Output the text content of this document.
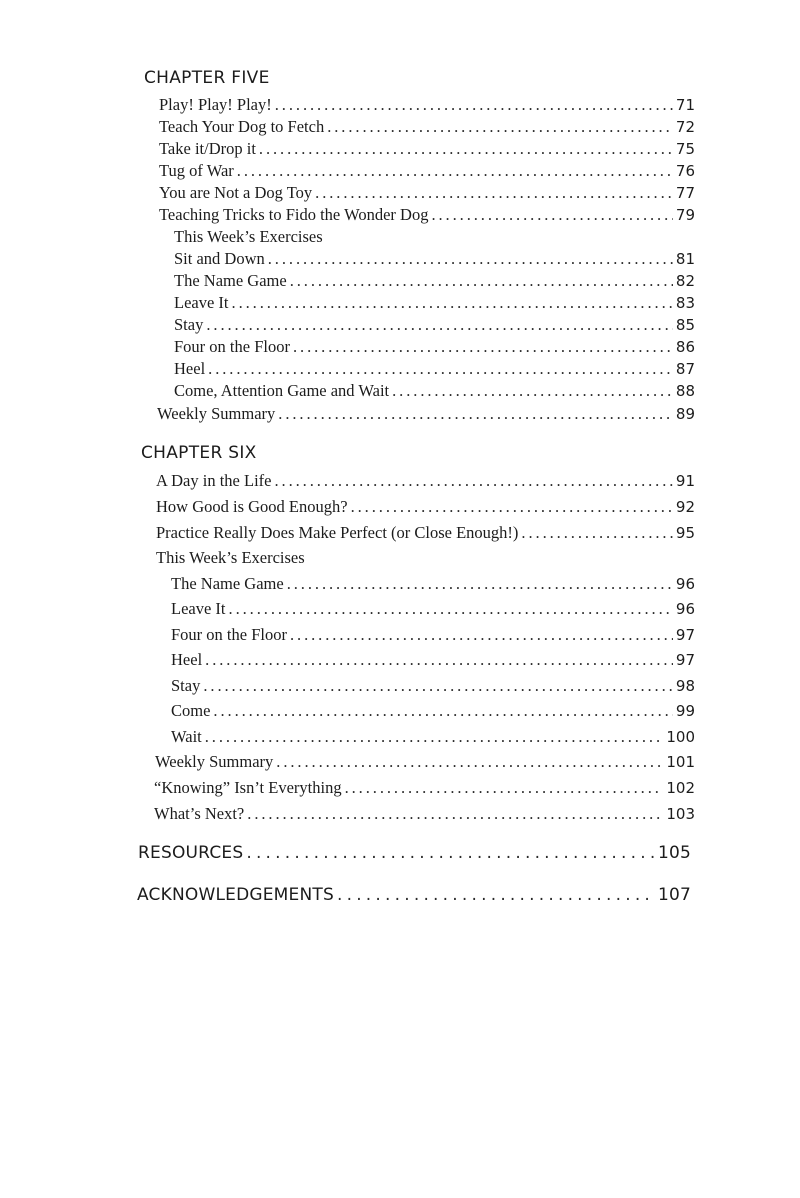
CHAPTER FIVE
Play! Play! Play! . . .	71
Teach Your Dog to Fetch . . .	72
Take it/Drop it . . .	75
Tug of War . . .	76
You are Not a Dog Toy . . .	77
Teaching Tricks to Fido the Wonder Dog . . .	79
This Week’s Exercises
Sit and Down . . .	81
The Name Game . . .	82
Leave It . . .	83
Stay . . .	85
Four on the Floor . . .	86
Heel . . .	87
Come, Attention Game and Wait . . .	88
Weekly Summary . . .	89
CHAPTER SIX
A Day in the Life . . .	91
How Good is Good Enough? . . .	92
Practice Really Does Make Perfect (or Close Enough!) . . .	95
This Week’s Exercises
The Name Game . . .	96
Leave It . . .	96
Four on the Floor . . .	97
Heel . . .	97
Stay . . .	98
Come . . .	99
Wait . . .	100
Weekly Summary . . .	101
“Knowing” Isn’t Everything . . .	102
What’s Next? . . .	103
RESOURCES . . .	105
ACKNOWLEDGEMENTS . . .	107
